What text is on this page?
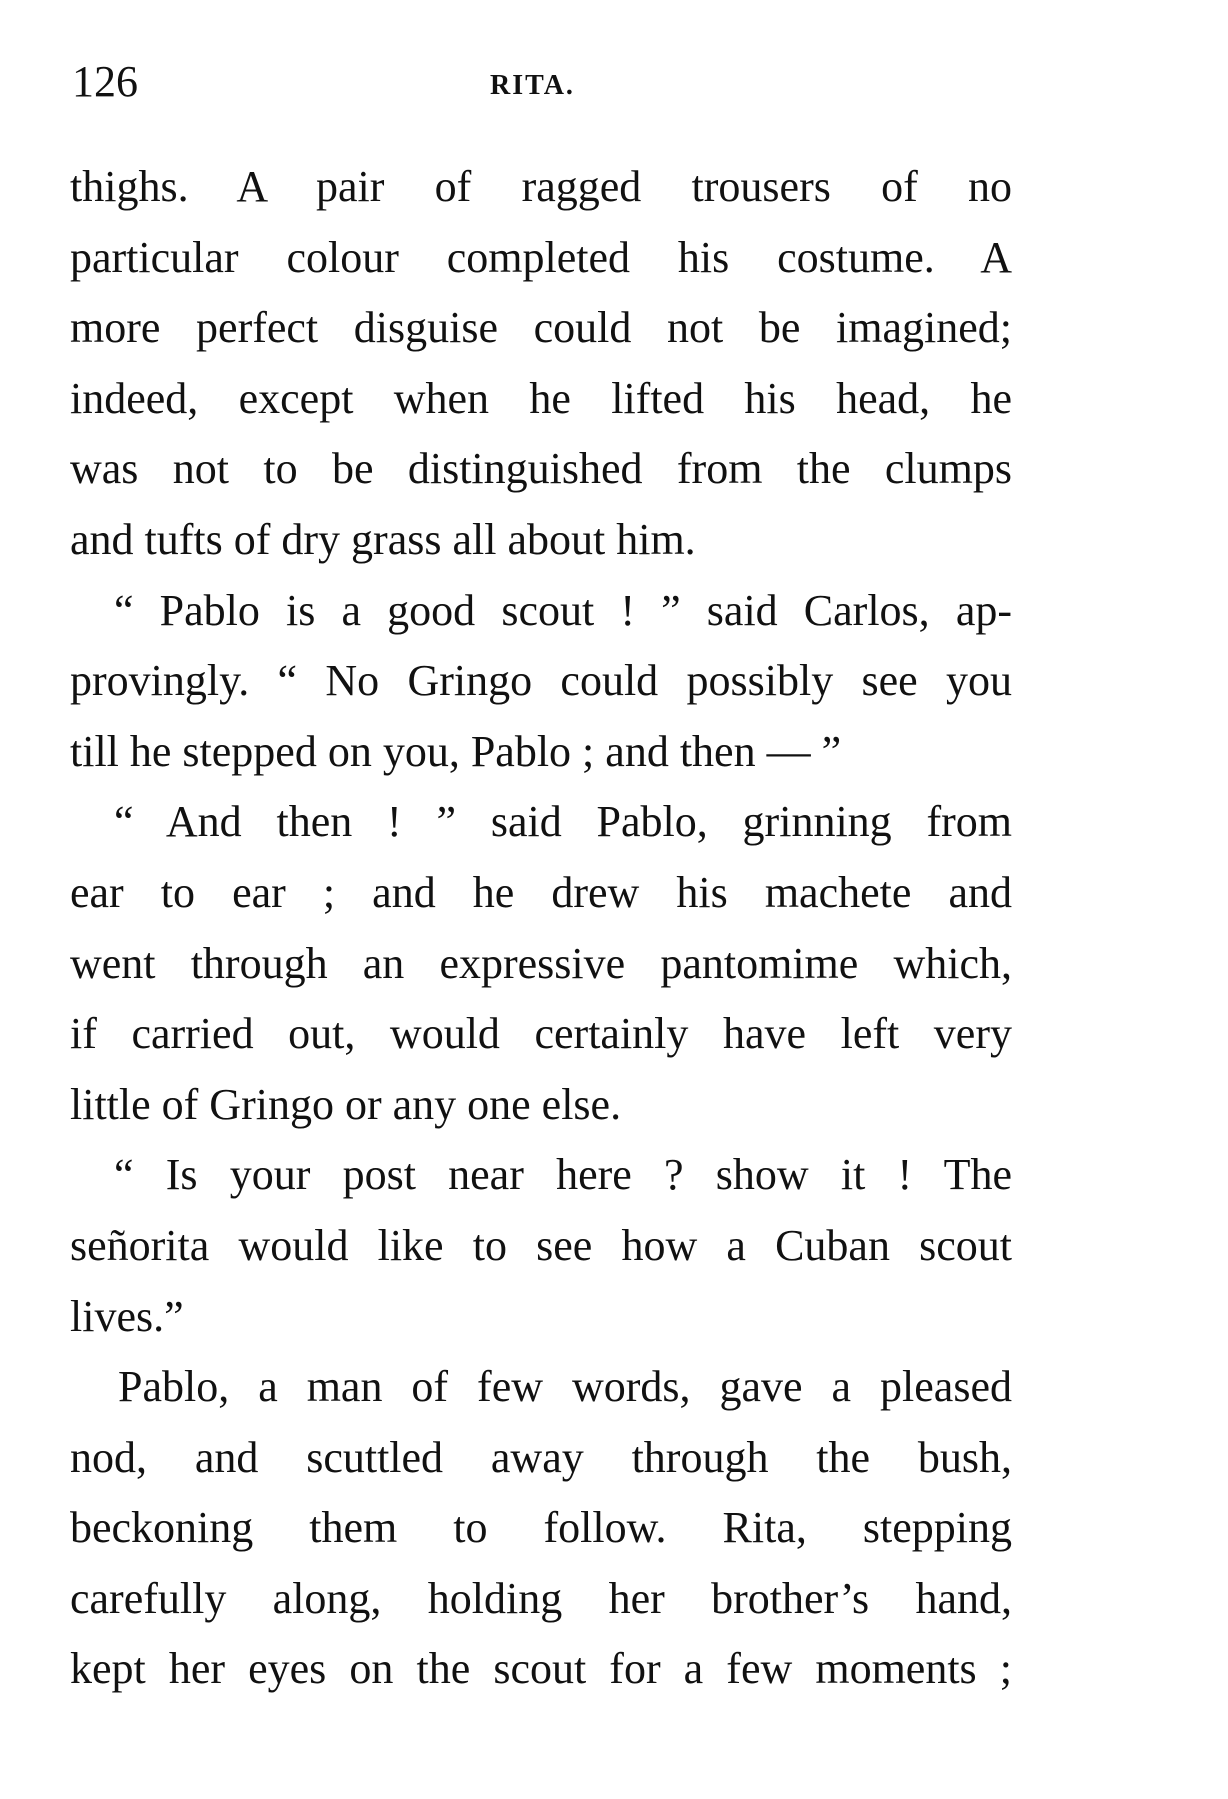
126	RITA.
thighs. A pair of ragged trousers of no
particular colour completed his costume. A
more perfect disguise could not be imagined;
indeed, except when he lifted his head, he
was not to be distinguished from the clumps
and tufts of dry grass all about him.
“ Pablo is a good scout ! ” said Carlos, ap-
provingly. “ No Gringo could possibly see you
till he stepped on you, Pablo ; and then — ”
“ And then ! ” said Pablo, grinning from
ear to ear ; and he drew his machete and
went through an expressive pantomime which,
if carried out, would certainly have left very
little of Gringo or any one else.
“ Is your post near here ? show it ! The
señorita would like to see how a Cuban scout
lives.”
Pablo, a man of few words, gave a pleased
nod, and scuttled away through the bush,
beckoning them to follow. Rita, stepping
carefully along, holding her brother’s hand,
kept her eyes on the scout for a few moments ;
